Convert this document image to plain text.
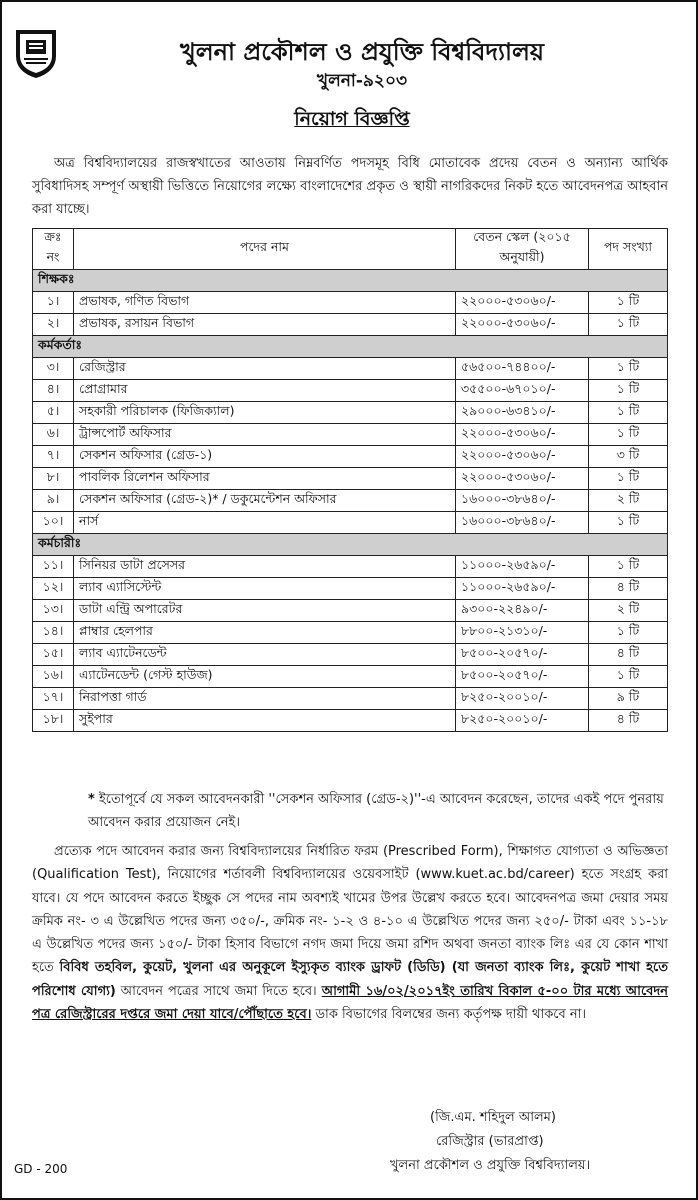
খুলনা প্রকৌশল ও প্রযুক্তি বিশ্ববিদ্যালয়
খুলনা-৯২০৩
নিয়োগ বিজ্ঞপ্তি
অত্র বিশ্ববিদ্যালয়ের রাজস্বখাতের আওতায় নিম্নবর্ণিত পদসমূহ বিধি মোতাবেক প্রদেয় বেতন ও অন্যান্য আর্থিক সুবিধাদিসহ সম্পূর্ণ অস্থায়ী ভিত্তিতে নিয়োগের লক্ষ্যে বাংলাদেশের প্রকৃত ও স্থায়ী নাগরিকদের নিকট হতে আবেদনপত্র আহবান করা যাচ্ছে।
ক্রঃ নং	পদের নাম	বেতন স্কেল (২০১৫ অনুযায়ী)	পদ সংখ্যা
শিক্ষকঃ			
১।	প্রভাষক, গণিত বিভাগ	২২০০০-৫৩০৬০/-	১ টি
২।	প্রভাষক, রসায়ন বিভাগ	২২০০০-৫৩০৬০/-	১ টি
কর্মকর্তাঃ			
৩।	রেজিস্ট্রার	৫৬৫০০-৭৪৪০০/-	১ টি
৪।	প্রোগ্রামার	৩৫৫০০-৬৭০১০/-	১ টি
৫।	সহকারী পরিচালক (ফিজিক্যাল)	২৯০০০-৬৩৪১০/-	১ টি
৬।	ট্রান্সপোর্ট অফিসার	২২০০০-৫৩০৬০/-	১ টি
৭।	সেকশন অফিসার (গ্রেড-১)	২২০০০-৫৩০৬০/-	৩ টি
৮।	পাবলিক রিলেশন অফিসার	২২০০০-৫৩০৬০/-	১ টি
৯।	সেকশন অফিসার (গ্রেড-২)* / ডকুমেন্টেশন অফিসার	১৬০০০-৩৮৬৪০/-	২ টি
১০।	নার্স	১৬০০০-৩৮৬৪০/-	১ টি
কর্মচারীঃ			
১১।	সিনিয়র ডাটা প্রসেসর	১১০০০-২৬৫৯০/-	১ টি
১২।	ল্যাব এ্যাসিস্টেন্ট	১১০০০-২৬৫৯০/-	৪ টি
১৩।	ডাটা এন্ট্রি অপারেটর	৯৩০০-২২৪৯০/-	২ টি
১৪।	প্লাম্বার হেলপার	৮৮০০-২১৩১০/-	১ টি
১৫।	ল্যাব এ্যাটেনডেন্ট	৮৫০০-২০৫৭০/-	৪ টি
১৬।	এ্যাটেনডেন্ট (গেস্ট হাউজ)	৮৫০০-২০৫৭০/-	১ টি
১৭।	নিরাপত্তা গার্ড	৮২৫০-২০০১০/-	৯ টি
১৮।	সুইপার	৮২৫০-২০০১০/-	৪ টি
* ইতোপূর্বে যে সকল আবেদনকারী ''সেকশন অফিসার (গ্রেড-২)''-এ আবেদন করেছেন, তাদের একই পদে পুনরায় আবেদন করার প্রয়োজন নেই।
প্রত্যেক পদে আবেদন করার জন্য বিশ্ববিদ্যালয়ের নির্ধারিত ফরম (Prescribed Form), শিক্ষাগত যোগ্যতা ও অভিজ্ঞতা (Qualification Test), নিয়োগের শর্তাবলী বিশ্ববিদ্যালয়ের ওয়েবসাইট (www.kuet.ac.bd/career) হতে সংগ্রহ করা যাবে। যে পদে আবেদন করতে ইচ্ছুক সে পদের নাম অবশ্যই খামের উপর উল্লেখ করতে হবে। আবেদনপত্র জমা দেয়ার সময় ক্রমিক নং- ৩ এ উল্লেখিত পদের জন্য ৩৫০/-, ক্রমিক নং- ১-২ ও ৪-১০ এ উল্লেখিত পদের জন্য ২৫০/- টাকা এবং ১১-১৮ এ উল্লেখিত পদের জন্য ১৫০/- টাকা হিসাব বিভাগে নগদ জমা দিয়ে জমা রশিদ অথবা জনতা ব্যাংক লিঃ এর যে কোন শাখা হতে বিবিধ তহবিল, কুয়েট, খুলনা এর অনুকূলে ইস্যুকৃত ব্যাংক ড্রাফট (ডিডি) (যা জনতা ব্যাংক লিঃ, কুয়েট শাখা হতে পরিশোধ যোগ্য) আবেদন পত্রের সাথে জমা দিতে হবে। আগামী ১৬/০২/২০১৭ইং তারিখ বিকাল ৫-০০ টার মধ্যে আবেদন পত্র রেজিস্ট্রারের দপ্তরে জমা দেয়া যাবে/পৌঁছাতে হবে। ডাক বিভাগের বিলম্বের জন্য কর্তৃপক্ষ দায়ী থাকবে না।
(জি.এম. শহিদুল আলম)
রেজিস্ট্রার (ভারপ্রাপ্ত)
খুলনা প্রকৌশল ও প্রযুক্তি বিশ্ববিদ্যালয়।
GD - 200
